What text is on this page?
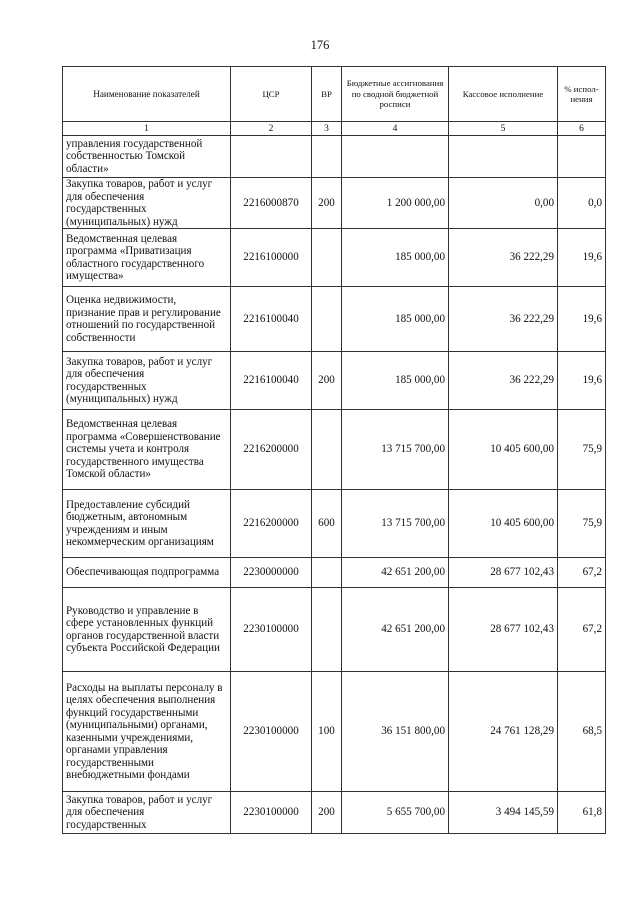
176
Наименование показателей	ЦСР	ВР	Бюджетные ассигнования по сводной бюджетной росписи	Кассовое исполнение	% испол-нения
1	2	3	4	5	6
управления государственной собственностью Томской области»					
Закупка товаров, работ и услуг для обеспечения государственных (муниципальных) нужд	2216000870	200	1 200 000,00	0,00	0,0
Ведомственная целевая программа «Приватизация областного государственного имущества»	2216100000		185 000,00	36 222,29	19,6
Оценка недвижимости, признание прав и регулирование отношений по государственной собственности	2216100040		185 000,00	36 222,29	19,6
Закупка товаров, работ и услуг для обеспечения государственных (муниципальных) нужд	2216100040	200	185 000,00	36 222,29	19,6
Ведомственная целевая программа «Совершенствование системы учета и контроля государственного имущества Томской области»	2216200000		13 715 700,00	10 405 600,00	75,9
Предоставление субсидий бюджетным, автономным учреждениям и иным некоммерческим организациям	2216200000	600	13 715 700,00	10 405 600,00	75,9
Обеспечивающая подпрограмма	2230000000		42 651 200,00	28 677 102,43	67,2
Руководство и управление в сфере установленных функций органов государственной власти субъекта Российской Федерации	2230100000		42 651 200,00	28 677 102,43	67,2
Расходы на выплаты персоналу в целях обеспечения выполнения функций государственными (муниципальными) органами, казенными учреждениями, органами управления государственными внебюджетными фондами	2230100000	100	36 151 800,00	24 761 128,29	68,5
Закупка товаров, работ и услуг для обеспечения государственных	2230100000	200	5 655 700,00	3 494 145,59	61,8
